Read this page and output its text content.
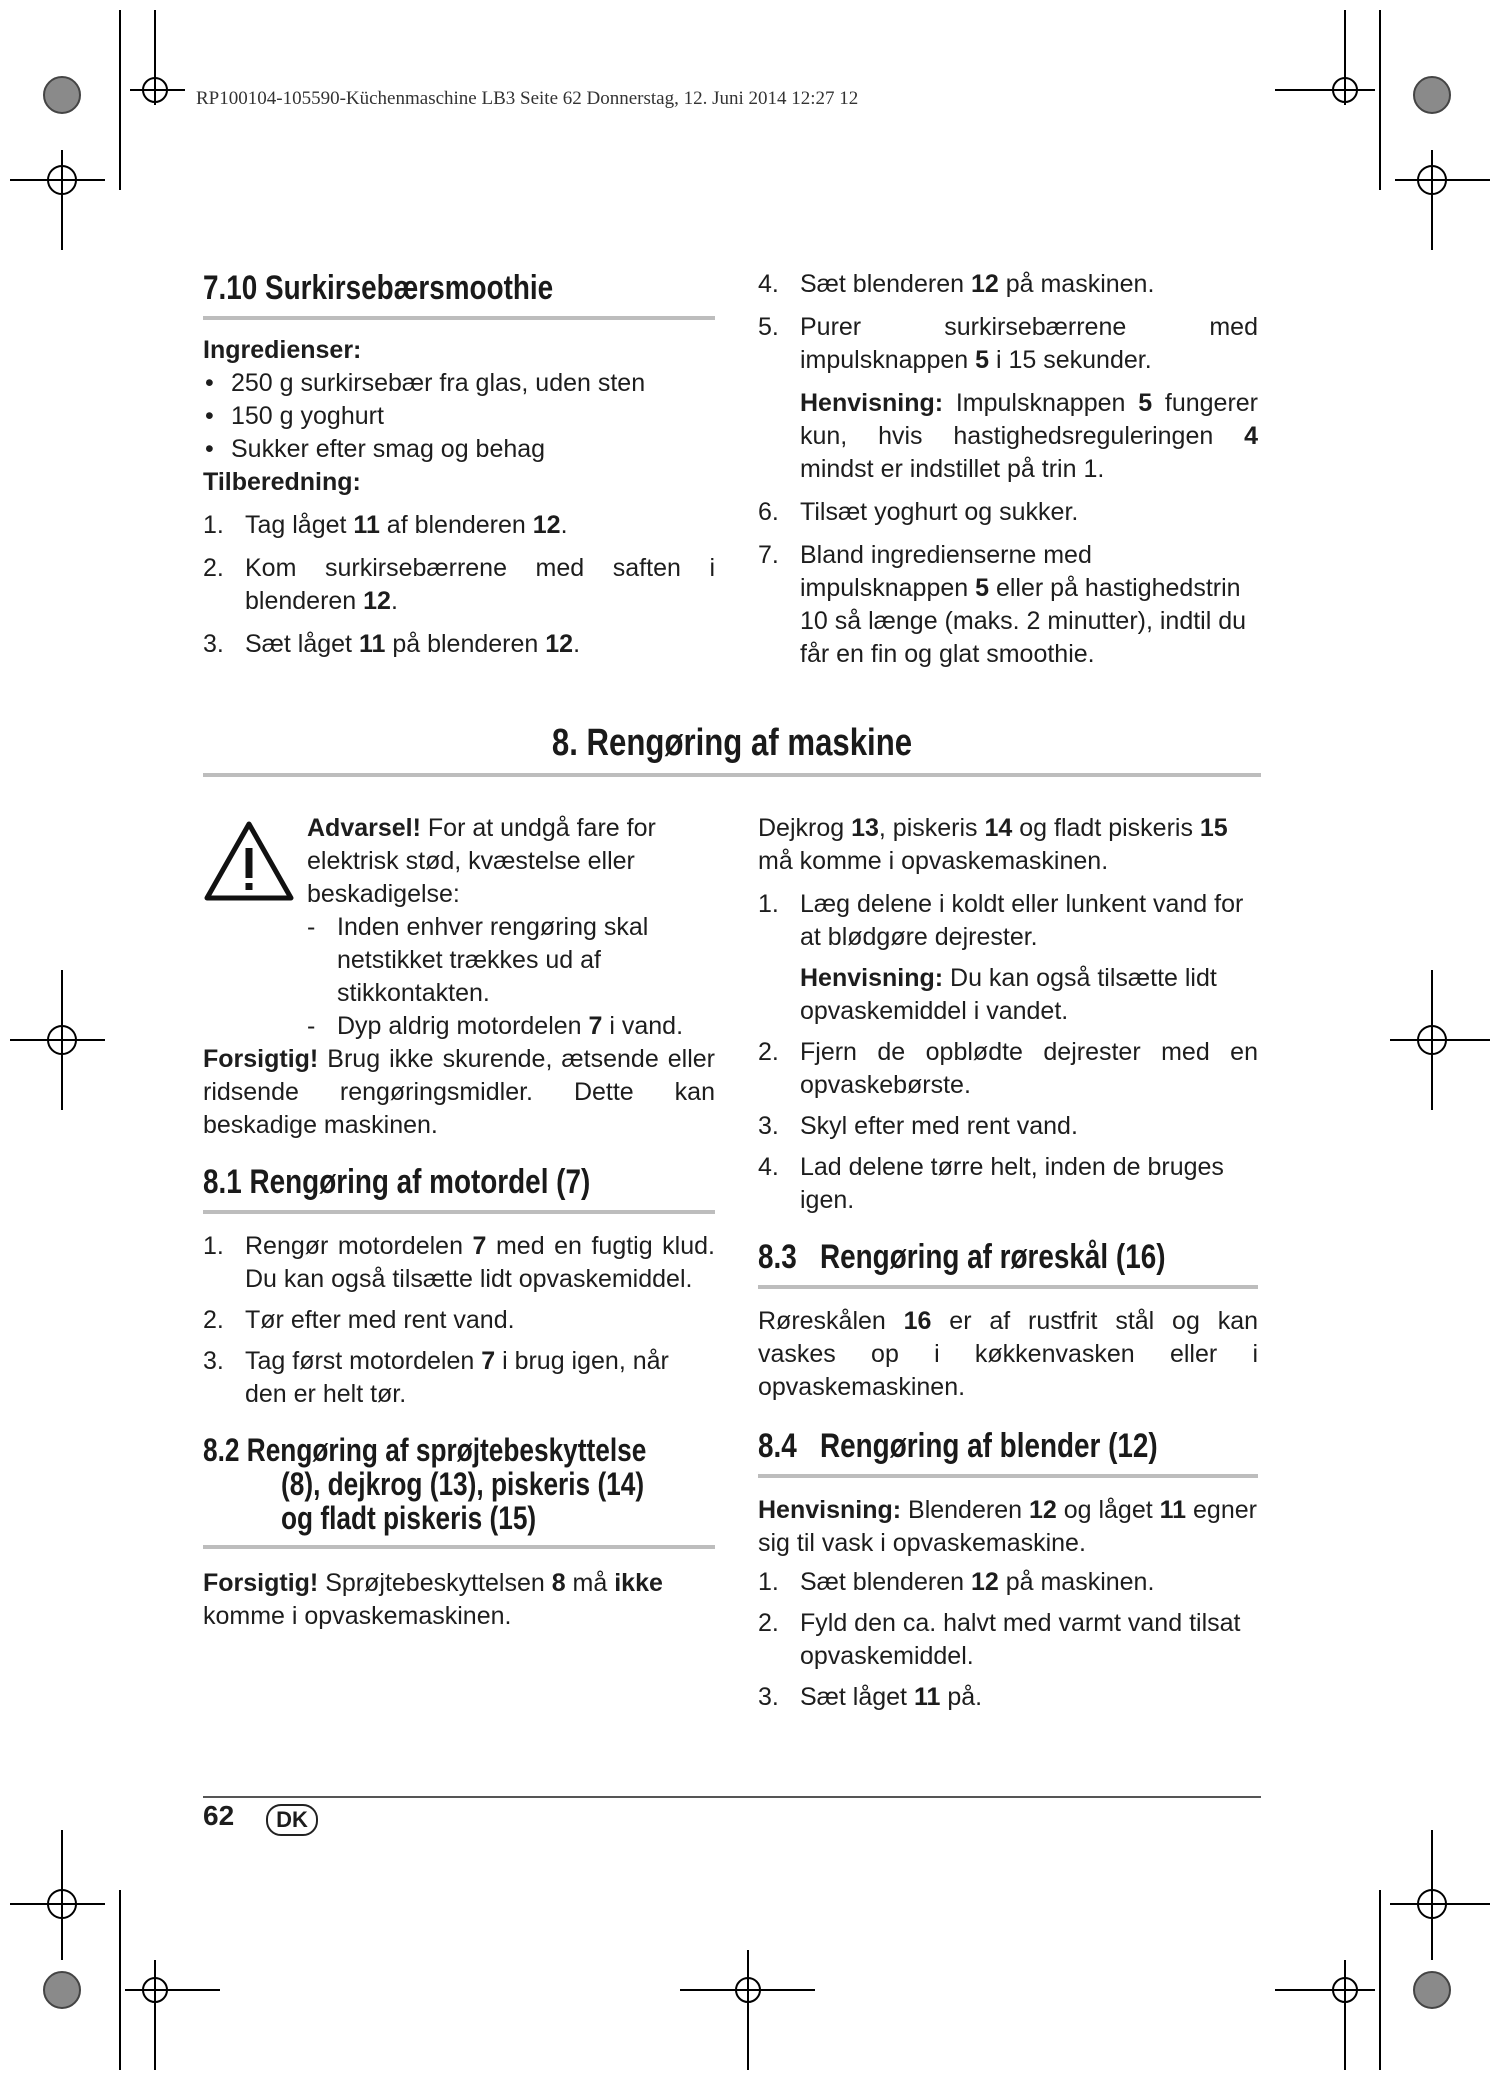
RP100104-105590-Küchenmaschine LB3 Seite 62 Donnerstag, 12. Juni 2014 12:27 12
7.10 Surkirsebærsmoothie

Ingredienser:

• 250 g surkirsebær fra glas, uden sten

• 150 g yoghurt

• Sukker efter smag og behag

Tilberedning:

1. Tag låget 11 af blenderen 12.

2. Kom surkirsebærrene med saften i blenderen 12.

3. Sæt låget 11 på blenderen 12.

4. Sæt blenderen 12 på maskinen.

5. Purer surkirsebærrene med impulsknappen 5 i 15 sekunder.

Henvisning: Impulsknappen 5 fungerer kun, hvis hastighedsreguleringen 4 mindst er indstillet på trin 1.

6. Tilsæt yoghurt og sukker.

7. Bland ingredienserne med impulsknappen 5 eller på hastighedstrin 10 så længe (maks. 2 minutter), indtil du får en fin og glat smoothie.

8. Rengøring af maskine

Advarsel! For at undgå fare for elektrisk stød, kvæstelse eller beskadigelse:

- Inden enhver rengøring skal netstikket trækkes ud af stikkontakten.

- Dyp aldrig motordelen 7 i vand.

Forsigtig! Brug ikke skurende, ætsende eller ridsende rengøringsmidler. Dette kan beskadige maskinen.

8.1 Rengøring af motordel (7)

1. Rengør motordelen 7 med en fugtig klud. Du kan også tilsætte lidt opvaskemiddel.

2. Tør efter med rent vand.

3. Tag først motordelen 7 i brug igen, når den er helt tør.

8.2 Rengøring af sprøjtebeskyttelse
(8), dejkrog (13), piskeris (14)
og fladt piskeris (15)

Forsigtig! Sprøjtebeskyttelsen 8 må ikke komme i opvaskemaskinen.

Dejkrog 13, piskeris 14 og fladt piskeris 15 må komme i opvaskemaskinen.

1. Læg delene i koldt eller lunkent vand for at blødgøre dejrester.

Henvisning: Du kan også tilsætte lidt opvaskemiddel i vandet.

2. Fjern de opblødte dejrester med en opvaskebørste.

3. Skyl efter med rent vand.

4. Lad delene tørre helt, inden de bruges igen.

8.3   Rengøring af røreskål (16)

Røreskålen 16 er af rustfrit stål og kan vaskes op i køkkenvasken eller i opvaskemaskinen.

8.4   Rengøring af blender (12)

Henvisning: Blenderen 12 og låget 11 egner sig til vask i opvaskemaskine.

1. Sæt blenderen 12 på maskinen.

2. Fyld den ca. halvt med varmt vand tilsat opvaskemiddel.

3. Sæt låget 11 på.

62	DK
